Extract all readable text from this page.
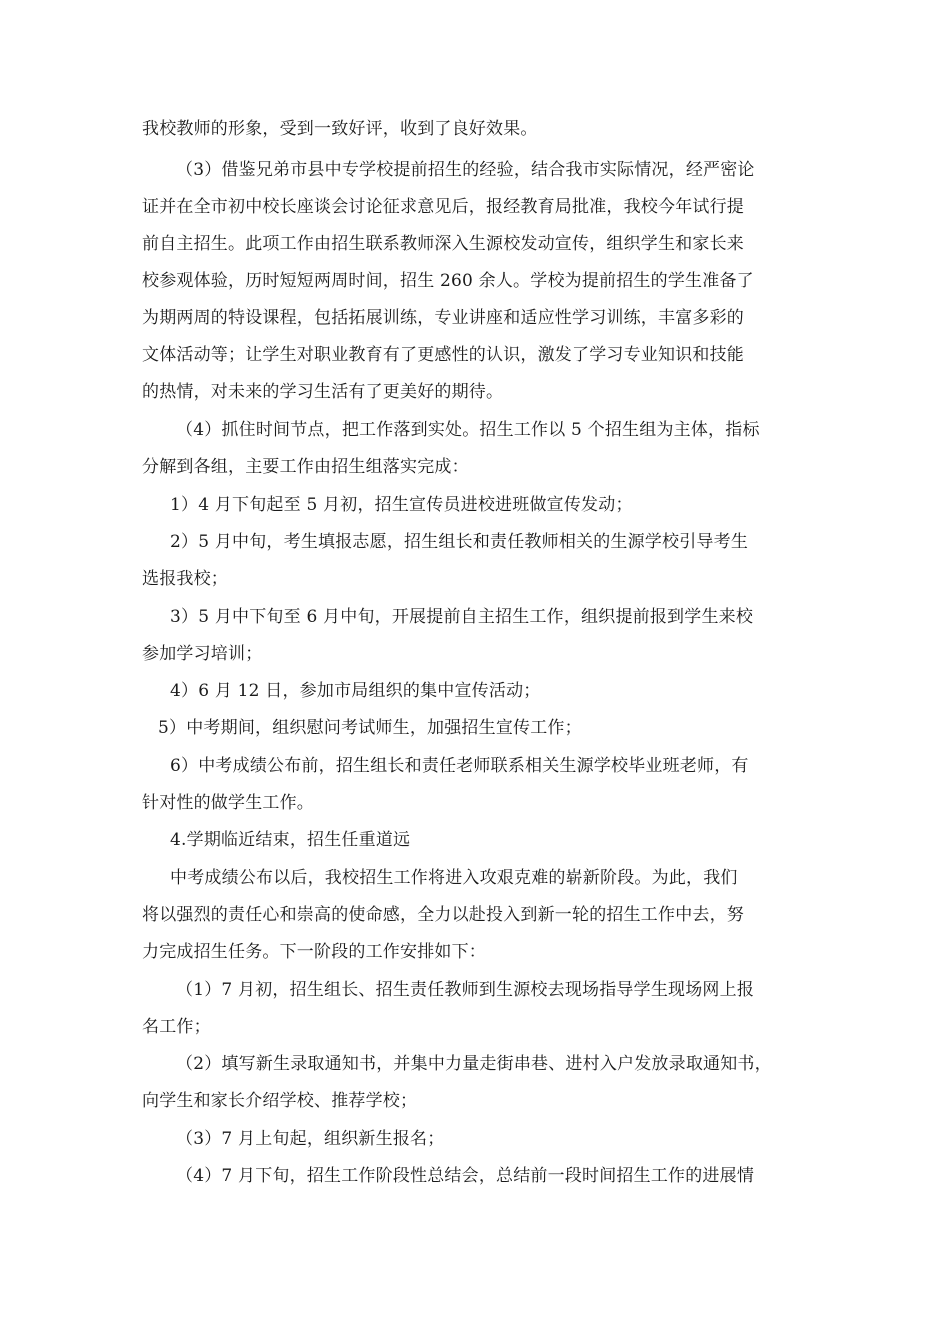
我校教师的形象，受到一致好评，收到了良好效果。
（3）借鉴兄弟市县中专学校提前招生的经验，结合我市实际情况，经严密论
证并在全市初中校长座谈会讨论征求意见后，报经教育局批准，我校今年试行提
前自主招生。此项工作由招生联系教师深入生源校发动宣传，组织学生和家长来
校参观体验，历时短短两周时间，招生 260 余人。学校为提前招生的学生准备了
为期两周的特设课程，包括拓展训练，专业讲座和适应性学习训练，丰富多彩的
文体活动等；让学生对职业教育有了更感性的认识，激发了学习专业知识和技能
的热情，对未来的学习生活有了更美好的期待。
（4）抓住时间节点，把工作落到实处。招生工作以 5 个招生组为主体，指标
分解到各组，主要工作由招生组落实完成：
1）4 月下旬起至 5 月初，招生宣传员进校进班做宣传发动；
2）5 月中旬，考生填报志愿，招生组长和责任教师相关的生源学校引导考生
选报我校；
3）5 月中下旬至 6 月中旬，开展提前自主招生工作，组织提前报到学生来校
参加学习培训；
4）6 月 12 日，参加市局组织的集中宣传活动；
5）中考期间，组织慰问考试师生，加强招生宣传工作；
6）中考成绩公布前，招生组长和责任老师联系相关生源学校毕业班老师，有
针对性的做学生工作。
4.学期临近结束，招生任重道远
中考成绩公布以后，我校招生工作将进入攻艰克难的崭新阶段。为此，我们
将以强烈的责任心和崇高的使命感，全力以赴投入到新一轮的招生工作中去，努
力完成招生任务。下一阶段的工作安排如下：
（1）7 月初，招生组长、招生责任教师到生源校去现场指导学生现场网上报
名工作；
（2）填写新生录取通知书，并集中力量走街串巷、进村入户发放录取通知书，
向学生和家长介绍学校、推荐学校；
（3）7 月上旬起，组织新生报名；
（4）7 月下旬，招生工作阶段性总结会，总结前一段时间招生工作的进展情
